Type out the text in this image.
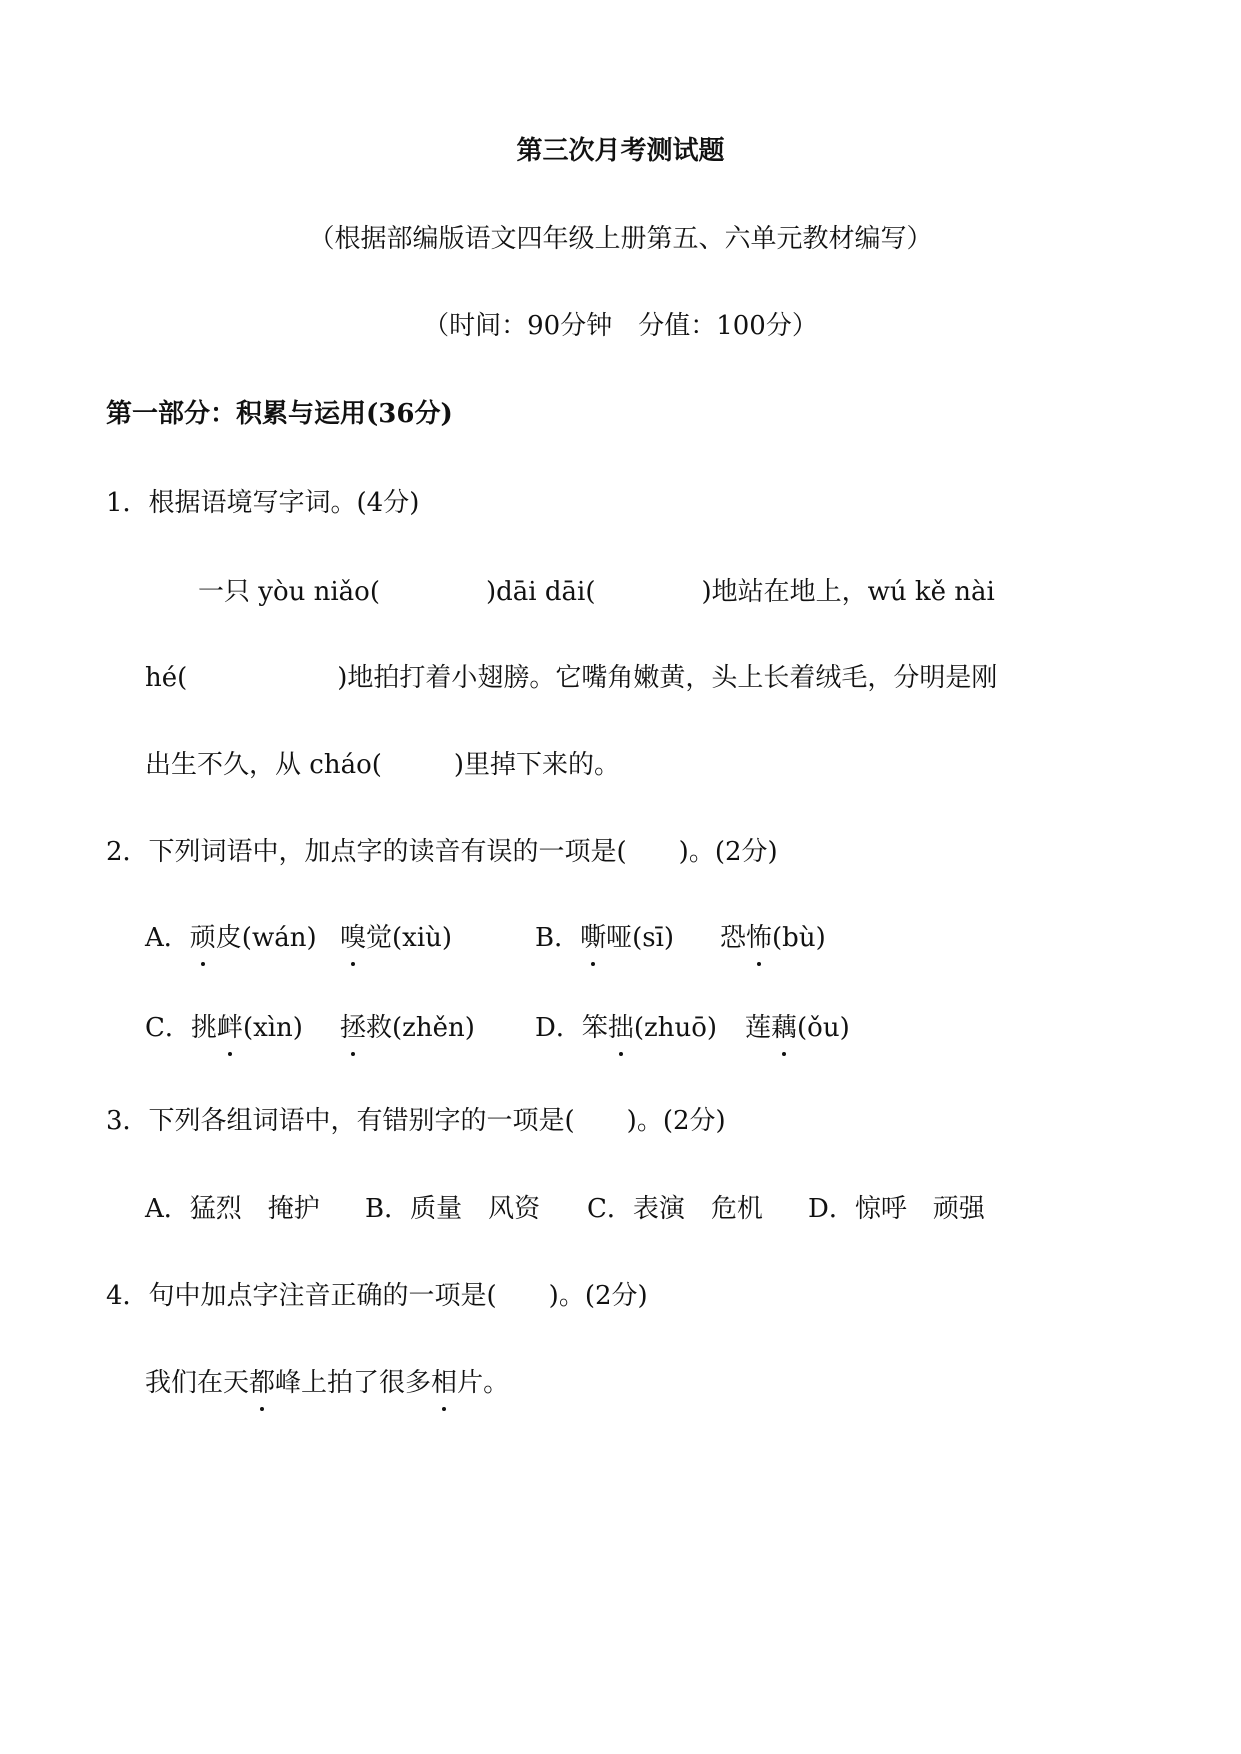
第三次月考测试题
（根据部编版语文四年级上册第五、六单元教材编写）
（时间：90分钟　分值：100分）
第一部分：积累与运用(36分)
1．根据语境写字词。(4分)
一只 yòu niǎo(	)dāi dāi(	)地站在地上，wú kě nài
hé(	)地拍打着小翅膀。它嘴角嫩黄，头上长着绒毛，分明是刚
出生不久，从 cháo(	)里掉下来的。
2．下列词语中，加点字的读音有误的一项是(　　)。(2分)
A．顽皮(wán) 嗅觉(xiù)	B．嘶哑(sī) 恐怖(bù)
C．挑衅(xìn) 拯救(zhěn) D．笨拙(zhuō) 莲藕(ǒu)
3．下列各组词语中，有错别字的一项是(　　)。(2分)
A．猛烈　掩护 B．质量　风资 C．表演　危机 D．惊呼　顽强
4．句中加点字注音正确的一项是(　　)。(2分)
我们在天都峰上拍了很多相片。
